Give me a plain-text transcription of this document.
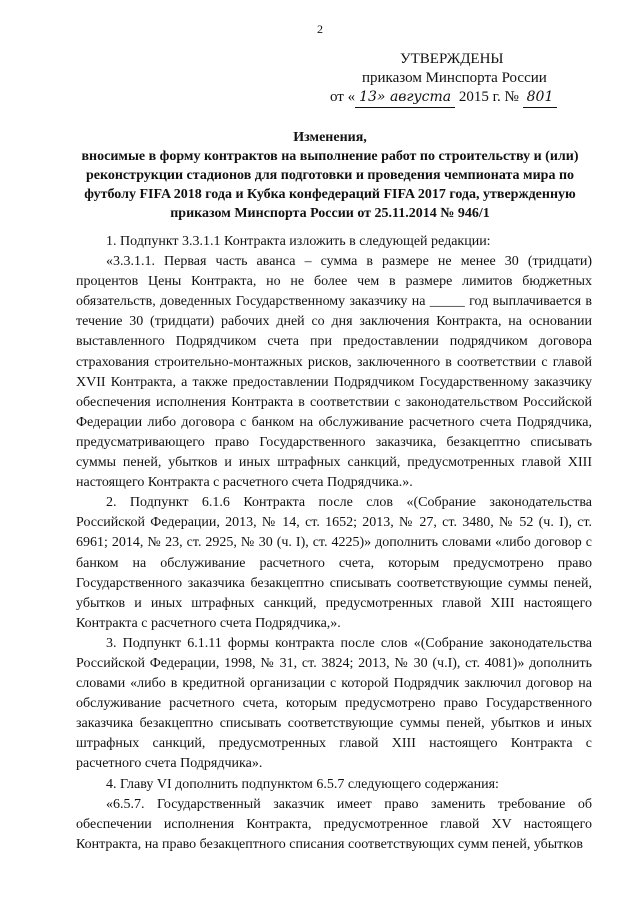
2
УТВЕРЖДЕНЫ
приказом Минспорта России
от « 13» августа 2015 г. № 801
Изменения,
вносимые в форму контрактов на выполнение работ по строительству и (или) реконструкции стадионов для подготовки и проведения чемпионата мира по футболу FIFA 2018 года и Кубка конфедераций FIFA 2017 года, утвержденную приказом Минспорта России от 25.11.2014 № 946/1

1. Подпункт 3.3.1.1 Контракта изложить в следующей редакции:

«3.3.1.1. Первая часть аванса – сумма в размере не менее 30 (тридцати) процентов Цены Контракта, но не более чем в размере лимитов бюджетных обязательств, доведенных Государственному заказчику на _____ год выплачивается в течение 30 (тридцати) рабочих дней со дня заключения Контракта, на основании выставленного Подрядчиком счета при предоставлении подрядчиком договора страхования строительно-монтажных рисков, заключенного в соответствии с главой XVII Контракта, а также предоставлении Подрядчиком Государственному заказчику обеспечения исполнения Контракта в соответствии с законодательством Российской Федерации либо договора с банком на обслуживание расчетного счета Подрядчика, предусматривающего право Государственного заказчика, безакцептно списывать суммы пеней, убытков и иных штрафных санкций, предусмотренных главой XIII настоящего Контракта с расчетного счета Подрядчика.».

2. Подпункт 6.1.6 Контракта после слов «(Собрание законодательства Российской Федерации, 2013, № 14, ст. 1652; 2013, № 27, ст. 3480, № 52 (ч. I), ст. 6961; 2014, № 23, ст. 2925, № 30 (ч. I), ст. 4225)» дополнить словами «либо договор с банком на обслуживание расчетного счета, которым предусмотрено право Государственного заказчика безакцептно списывать соответствующие суммы пеней, убытков и иных штрафных санкций, предусмотренных главой XIII настоящего Контракта с расчетного счета Подрядчика,».

3. Подпункт 6.1.11 формы контракта после слов «(Собрание законодательства Российской Федерации, 1998, № 31, ст. 3824; 2013, № 30 (ч.I), ст. 4081)» дополнить словами «либо в кредитной организации с которой Подрядчик заключил договор на обслуживание расчетного счета, которым предусмотрено право Государственного заказчика безакцептно списывать соответствующие суммы пеней, убытков и иных штрафных санкций, предусмотренных главой XIII настоящего Контракта с расчетного счета Подрядчика».

4. Главу VI дополнить подпунктом 6.5.7 следующего содержания:

«6.5.7. Государственный заказчик имеет право заменить требование об обеспечении исполнения Контракта, предусмотренное главой XV настоящего Контракта, на право безакцептного списания соответствующих сумм пеней, убытков
